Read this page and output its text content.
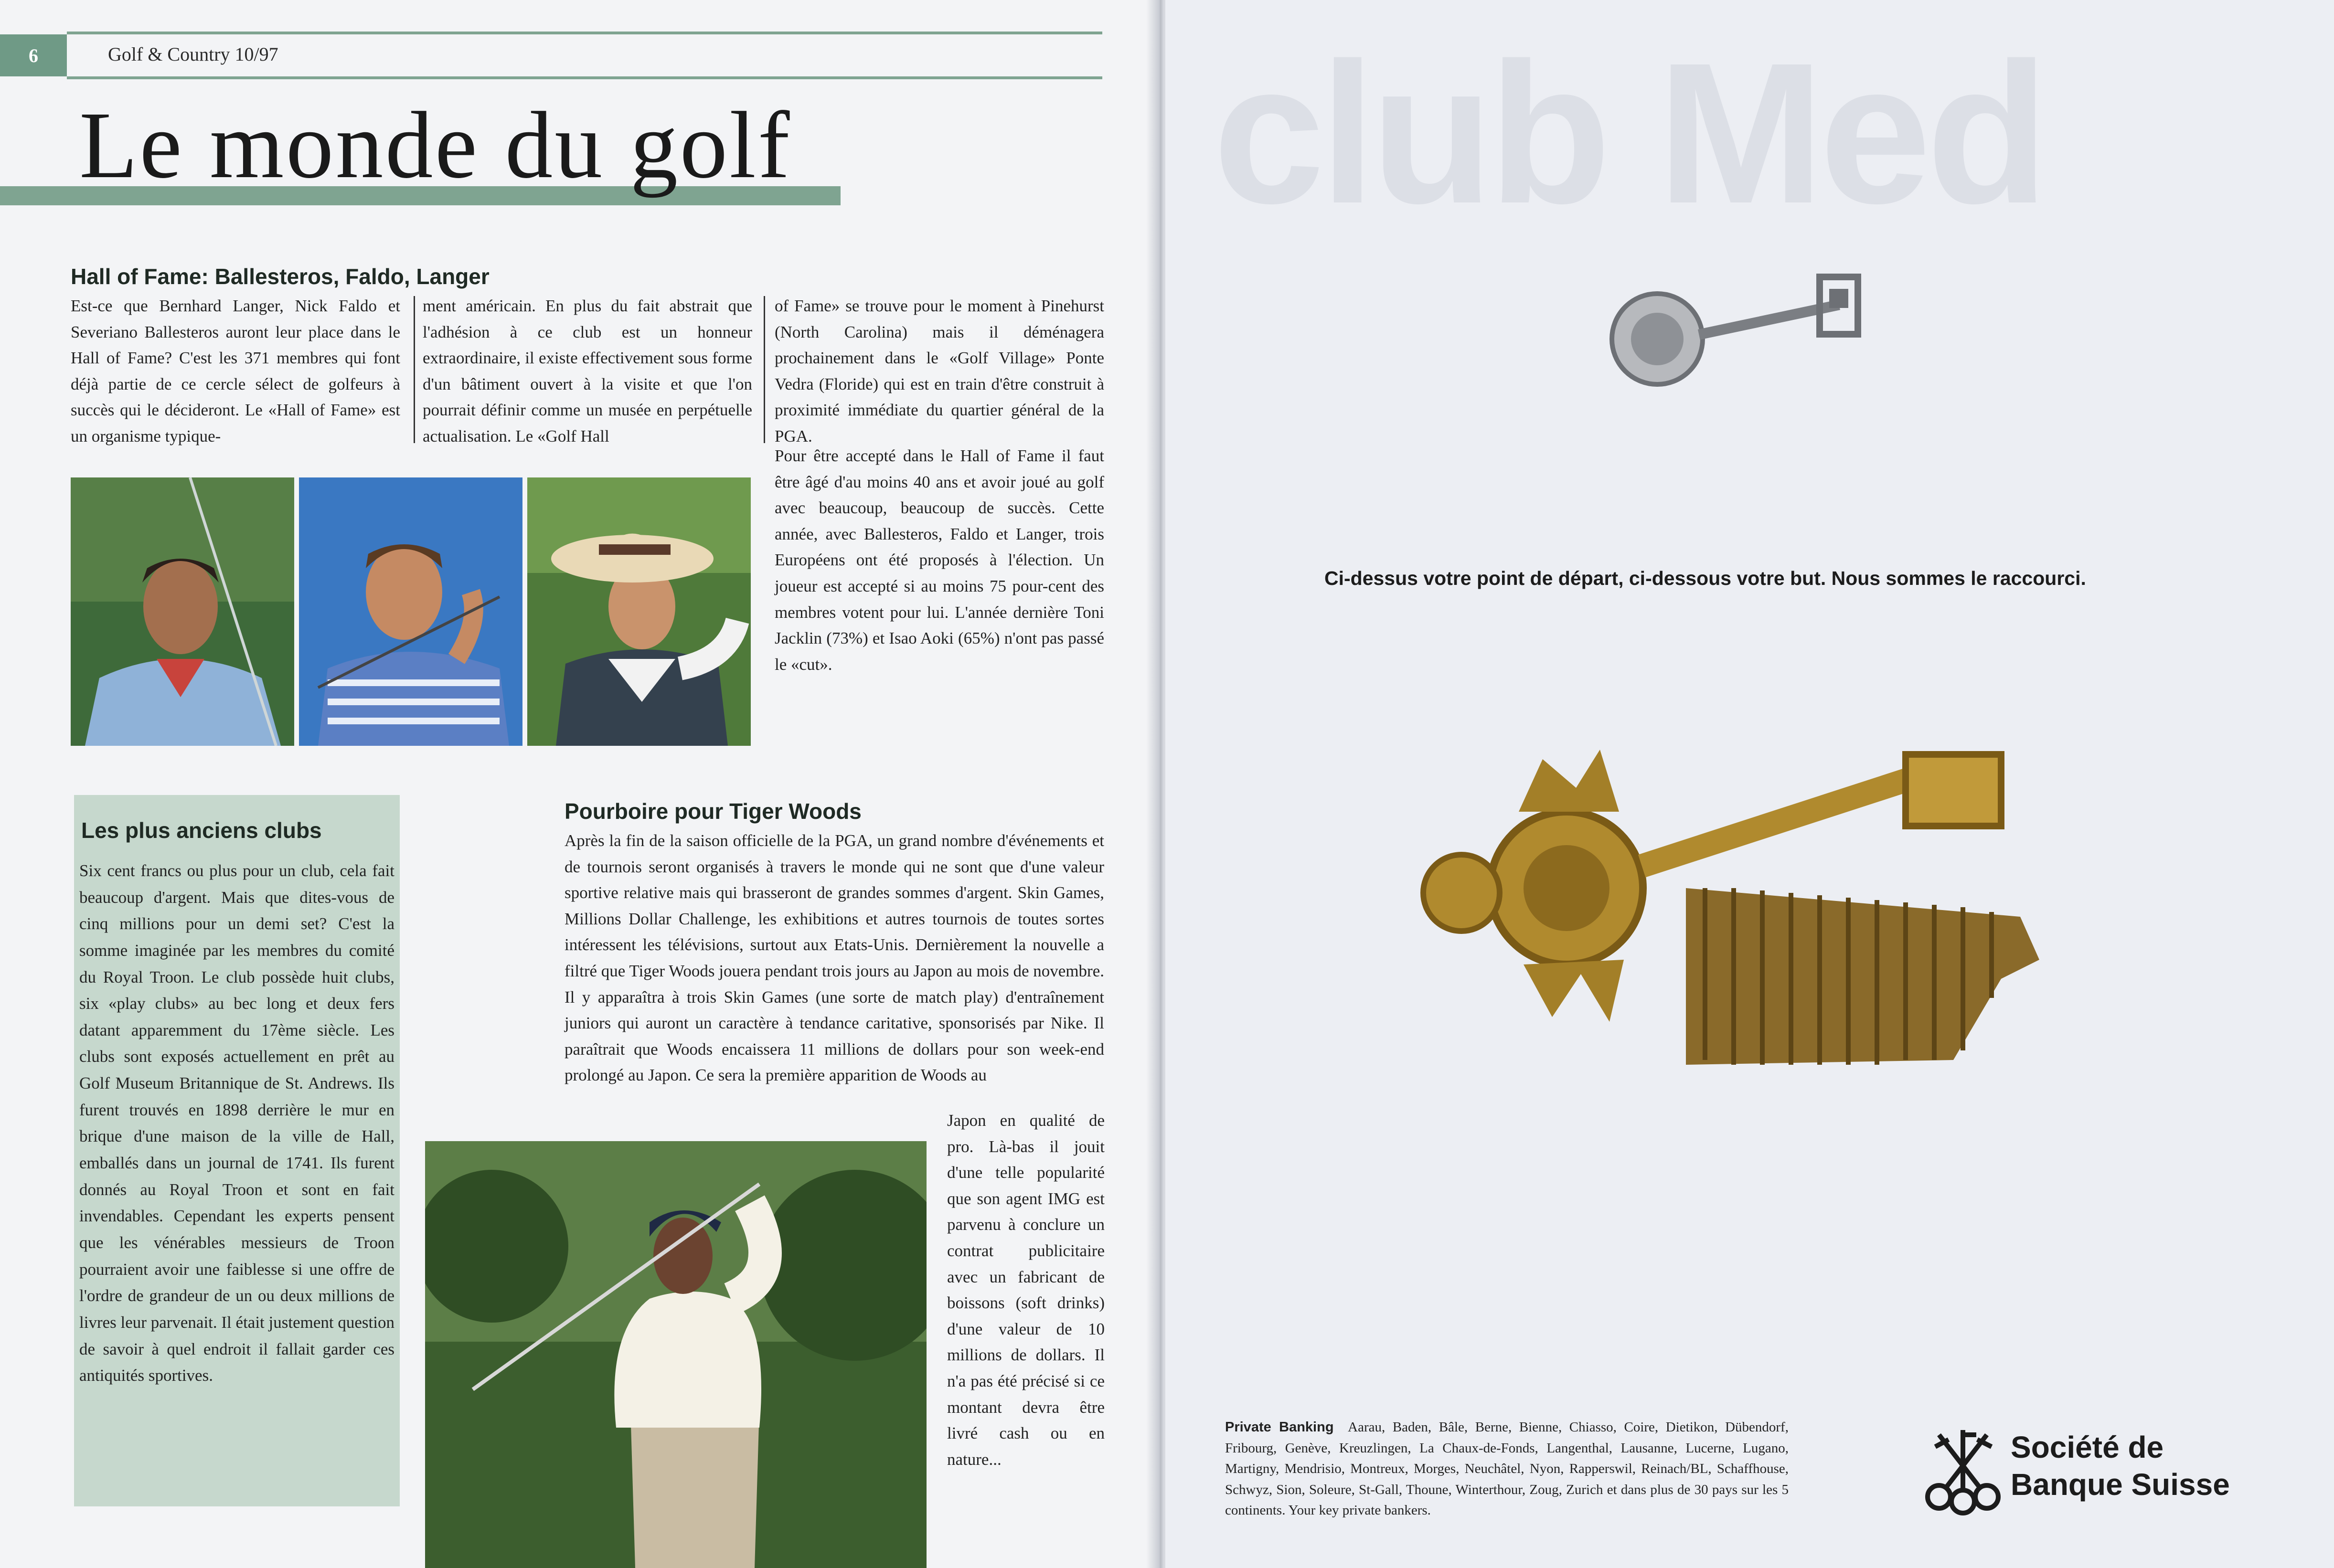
6	Golf & Country 10/97
Le monde du golf
Hall of Fame: Ballesteros, Faldo, Langer

Est-ce que Bernhard Langer, Nick Faldo et Severiano Ballesteros auront leur place dans le Hall of Fame? C'est les 371 membres qui font déjà partie de ce cercle sélect de golfeurs à succès qui le décideront. Le «Hall of Fame» est un organisme typique-

ment américain. En plus du fait abstrait que l'adhésion à ce club est un honneur extraordinaire, il existe effectivement sous forme d'un bâtiment ouvert à la visite et que l'on pourrait définir comme un musée en perpétuelle actualisation. Le «Golf Hall

of Fame» se trouve pour le moment à Pinehurst (North Carolina) mais il déménagera prochainement dans le «Golf Village» Ponte Vedra (Floride) qui est en train d'être construit à proximité immédiate du quartier général de la PGA.

Pour être accepté dans le Hall of Fame il faut être âgé d'au moins 40 ans et avoir joué au golf avec beaucoup, beaucoup de succès. Cette année, avec Ballesteros, Faldo et Langer, trois Européens ont été proposés à l'élection. Un joueur est accepté si au moins 75 pour-cent des membres votent pour lui. L'année dernière Toni Jacklin (73%) et Isao Aoki (65%) n'ont pas passé le «cut».

Les plus anciens clubs

Six cent francs ou plus pour un club, cela fait beaucoup d'argent. Mais que dites-vous de cinq millions pour un demi set? C'est la somme imaginée par les membres du comité du Royal Troon. Le club possède huit clubs, six «play clubs» au bec long et deux fers datant apparemment du 17ème siècle. Les clubs sont exposés actuellement en prêt au Golf Museum Britannique de St. Andrews. Ils furent trouvés en 1898 derrière le mur en brique d'une maison de la ville de Hall, emballés dans un journal de 1741. Ils furent donnés au Royal Troon et sont en fait invendables. Cependant les experts pensent que les vénérables messieurs de Troon pourraient avoir une faiblesse si une offre de l'ordre de grandeur de un ou deux millions de livres leur parvenait. Il était justement question de savoir à quel endroit il fallait garder ces antiquités sportives.

Pourboire pour Tiger Woods

Après la fin de la saison officielle de la PGA, un grand nombre d'événements et de tournois seront organisés à travers le monde qui ne sont que d'une valeur sportive relative mais qui brasseront de grandes sommes d'argent. Skin Games, Millions Dollar Challenge, les exhibitions et autres tournois de toutes sortes intéressent les télévisions, surtout aux Etats-Unis. Dernièrement la nouvelle a filtré que Tiger Woods jouera pendant trois jours au Japon au mois de novembre. Il y apparaîtra à trois Skin Games (une sorte de match play) d'entraînement juniors qui auront un caractère à tendance caritative, sponsorisés par Nike. Il paraîtrait que Woods encaissera 11 millions de dollars pour son week-end prolongé au Japon. Ce sera la première apparition de Woods au

Japon en qualité de pro. Là-bas il jouit d'une telle popularité que son agent IMG est parvenu à conclure un contrat publicitaire avec un fabricant de boissons (soft drinks) d'une valeur de 10 millions de dollars. Il n'a pas été précisé si ce montant devra être livré cash ou en nature...

club Med

Ci-dessus votre point de départ, ci-dessous votre but. Nous sommes le raccourci.

Private Banking Aarau, Baden, Bâle, Berne, Bienne, Chiasso, Coire, Dietikon, Dübendorf, Fribourg, Genève, Kreuzlingen, La Chaux-de-Fonds, Langenthal, Lausanne, Lucerne, Lugano, Martigny, Mendrisio, Montreux, Morges, Neuchâtel, Nyon, Rapperswil, Reinach/BL, Schaffhouse, Schwyz, Sion, Soleure, St-Gall, Thoune, Winterthour, Zoug, Zurich et dans plus de 30 pays sur les 5 continents. Your key private bankers.

Société de
Banque Suisse
